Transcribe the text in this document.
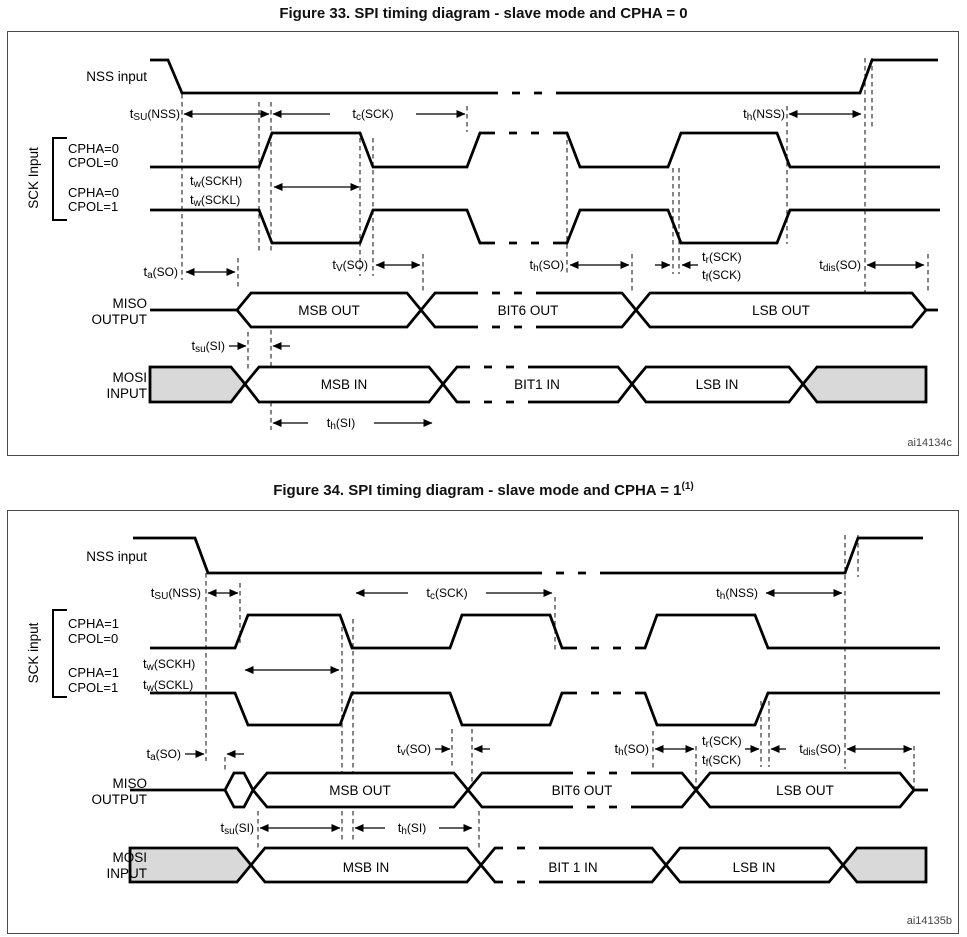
Figure 33. SPI timing diagram - slave mode and CPHA = 0
NSS input
SCK Input CPHA=0
CPOL=0
CPHA=0
CPOL=1
MISO
OUTPUT
MOSI
INPUT
MSB OUT	BIT6 OUT	LSB OUT
MSB IN	BIT1 IN	LSB IN
tSU(NSS)	tc(SCK)	th(NSS)
tw(SCKH)
tw(SCKL)
ta(SO)	tV(SO)	th(SO)
tr(SCK)
tf(SCK)
tdis(SO)
tsu(SI)
th(SI)
ai14134c
Figure 34. SPI timing diagram - slave mode and CPHA = $1^{(1)}$
NSS input
SCK input CPHA=1
CPOL=0
CPHA=1
CPOL=1
MISO
OUTPUT
MOSI
INPUT
MSB OUT	BIT6 OUT	LSB OUT
MSB IN	BIT 1 IN	LSB IN
tSU(NSS)	tc(SCK)	th(NSS)
tw(SCKH)
tw(SCKL)
ta(SO)	tv(SO)	th(SO)
tr(SCK)
tf(SCK)
tdis(SO)
tsu(SI)	th(SI)
ai14135b
